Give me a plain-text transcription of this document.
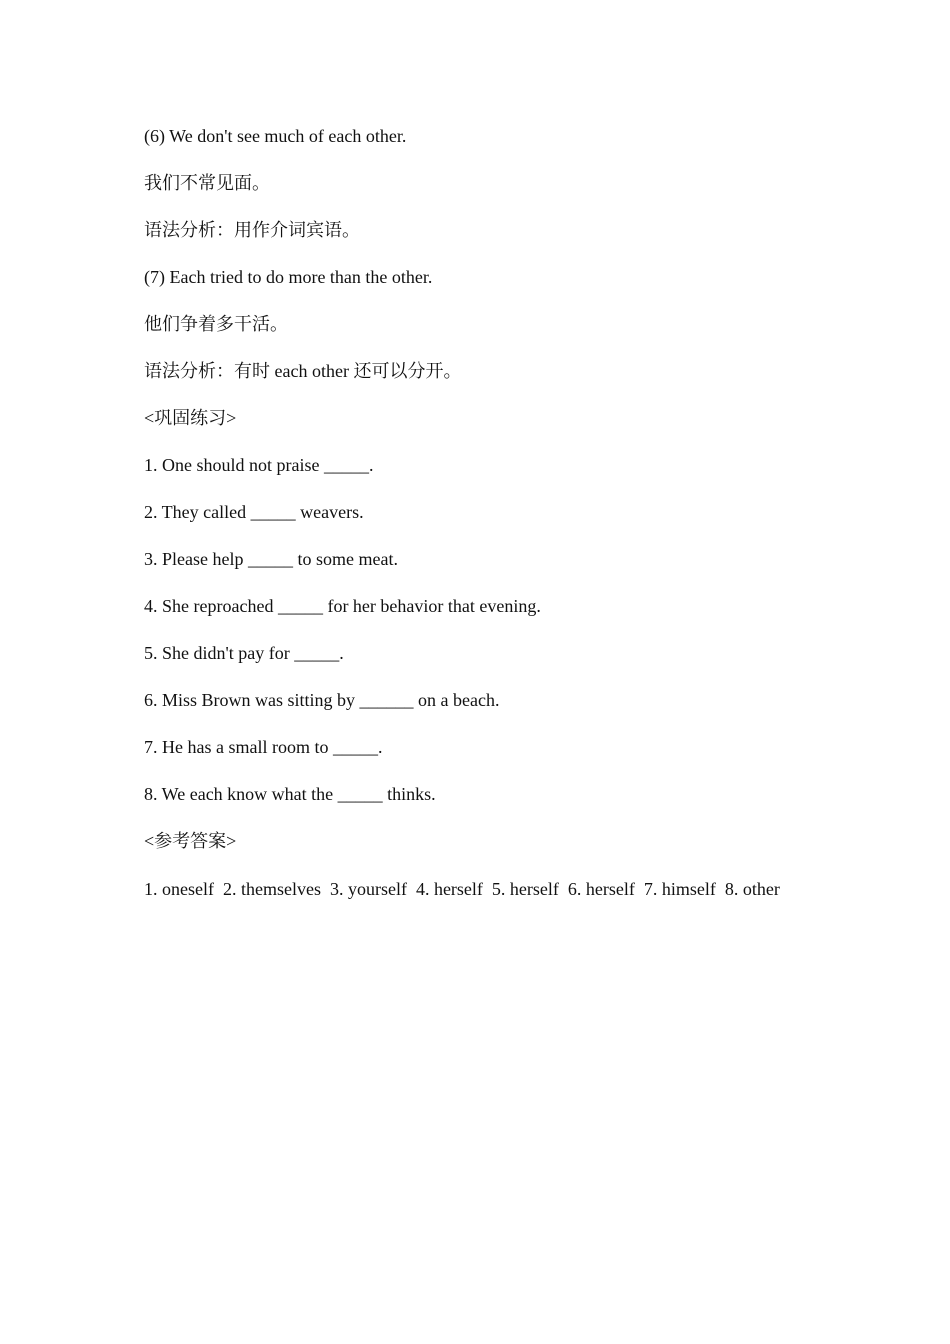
(6) We don't see much of each other.

我们不常见面。

语法分析：用作介词宾语。

(7) Each tried to do more than the other.

他们争着多干活。

语法分析：有时 each other 还可以分开。

<巩固练习>

1. One should not praise _____.

2. They called _____ weavers.

3. Please help _____ to some meat.

4. She reproached _____ for her behavior that evening.

5. She didn't pay for _____.

6. Miss Brown was sitting by ______ on a beach.

7. He has a small room to _____.

8. We each know what the _____ thinks.

<参考答案>

1. oneself  2. themselves  3. yourself  4. herself  5. herself  6. herself  7. himself  8. other
